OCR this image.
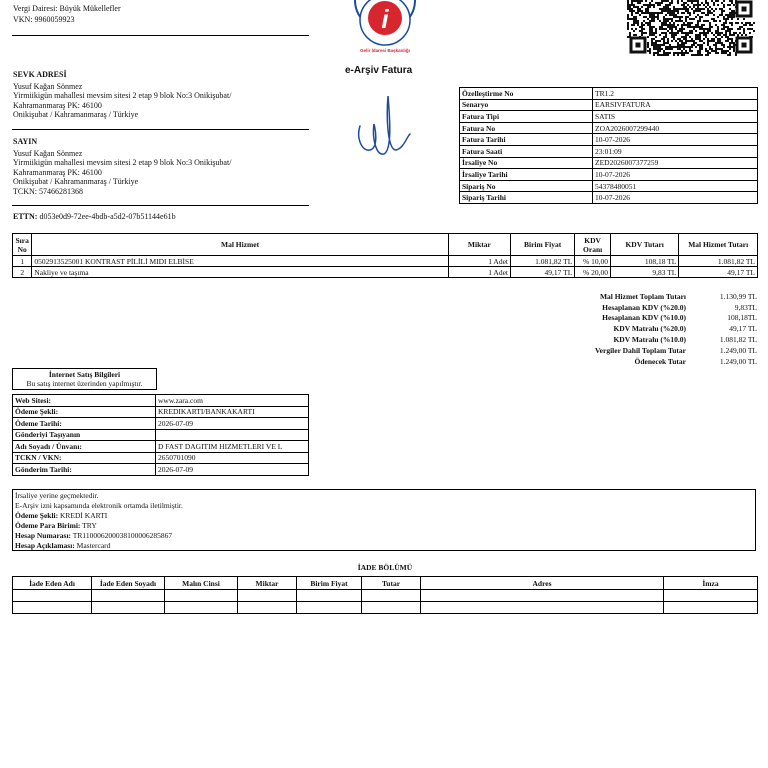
Vergi Dairesi: Büyük Mükellefler
VKN: 9960059923	i
Gelir İdaresi Başkanlığı
e-Arşiv Fatura
SEVK ADRESİ
Yusuf Kağan Sönmez
Yirmiikigün mahallesi mevsim sitesi 2 etap 9 blok No:3 Onikişubat/
Kahramanmaraş PK: 46100
Onikişubat / Kahramanmaraş / Türkiye
SAYIN
Yusuf Kağan Sönmez
Yirmiikigün mahallesi mevsim sitesi 2 etap 9 blok No:3 Onikişubat/
Kahramanmaraş PK: 46100
Onikişubat / Kahramanmaraş / Türkiye
TCKN: 57466281368
ETTN: d053e0d9-72ee-4bdb-a5d2-07b51144e61b
Özelleştirme No	TR1.2
Senaryo	EARSIVFATURA
Fatura Tipi	SATIS
Fatura No	ZOA2026007299440
Fatura Tarihi	10-07-2026
Fatura Saati	23:01:09
İrsaliye No	ZED2026007377259
İrsaliye Tarihi	10-07-2026
Sipariş No	54378480051
Sipariş Tarihi	10-07-2026
Sıra No	Mal Hizmet	Miktar	Birim Fiyat	KDV Oranı	KDV Tutarı	Mal Hizmet Tutarı
1	0502913525001 KONTRAST PİLİLİ MIDI ELBİSE	1 Adet	1.081,82 TL	% 10,00	108,18 TL	1.081,82 TL
2	Nakliye ve taşıma	1 Adet	49,17 TL	% 20,00	9,83 TL	49,17 TL
Mal Hizmet Toplam Tutarı	1.130,99 TL
Hesaplanan KDV (%20.0)	9,83TL
Hesaplanan KDV (%10.0)	108,18TL
KDV Matrahı (%20.0)	49,17 TL
KDV Matrahı (%10.0)	1.081,82 TL
Vergiler Dahil Toplam Tutar	1.249,00 TL
Ödenecek Tutar	1.249,00 TL
İnternet Satış Bilgileri
Bu satış internet üzerinden yapılmıştır.
Web Sitesi:	www.zara.com
Ödeme Şekli:	KREDIKARTI/BANKAKARTI
Ödeme Tarihi:	2026-07-09
Gönderiyi Taşıyanın	
Adı Soyadı / Ünvanı:	D FAST DAGITIM HIZMETLERI VE L
TCKN / VKN:	2650701090
Gönderim Tarihi:	2026-07-09
İrsaliye yerine geçmektedir.
E-Arşiv izni kapsamında elektronik ortamda iletilmiştir.
Ödeme Şekli: KREDİ KARTI
Ödeme Para Birimi: TRY
Hesap Numarası: TR110006200038100006285867
Hesap Açıklaması: Mastercard
İADE BÖLÜMÜ
İade Eden Adı	İade Eden Soyadı	Malın Cinsi	Miktar	Birim Fiyat	Tutar	Adres	İmza
